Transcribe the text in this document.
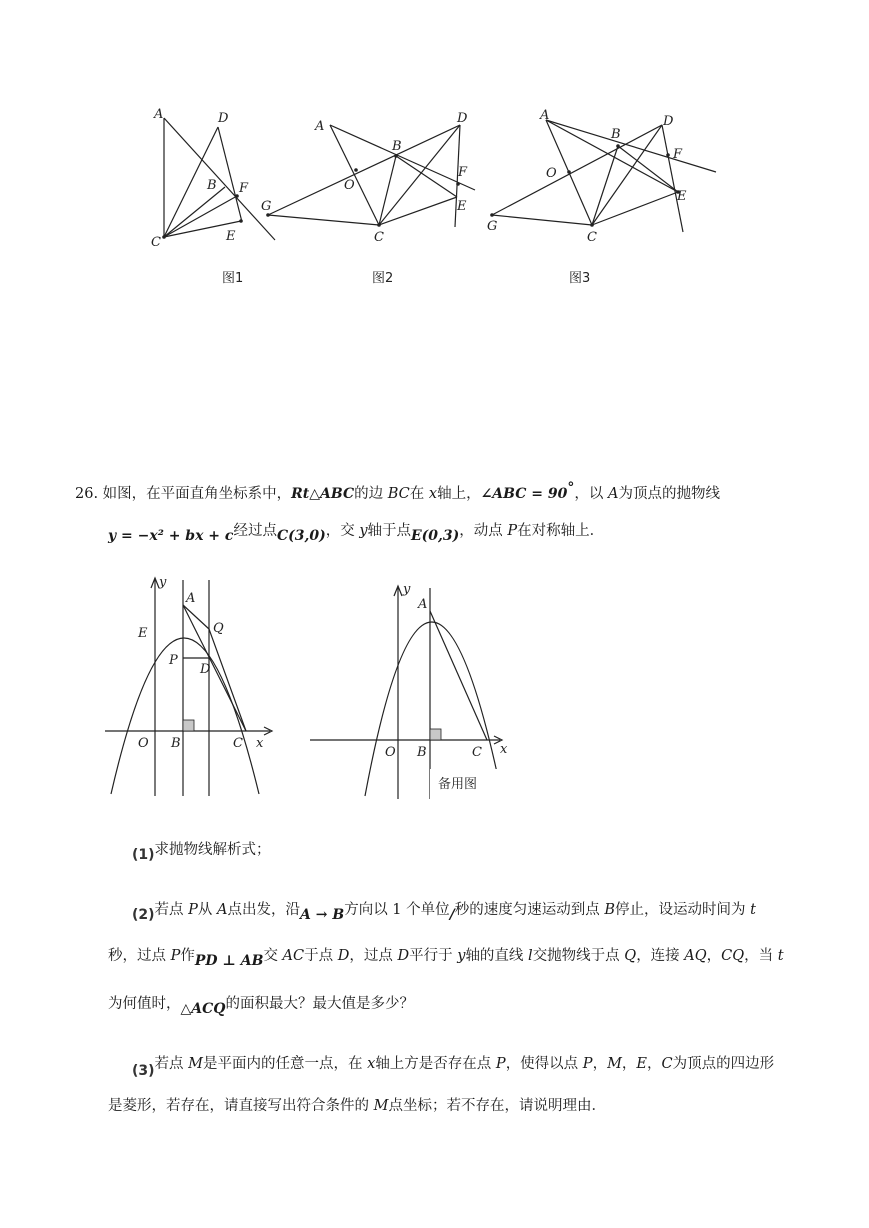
A	D
B F
C	E
图1
A
D
B
O
F
G	E
C
图2
A
B
D
F
O
E
G
C
图3
26. 如图，在平面直角坐标系中，Rt△ABC的边 BC在 x轴上，∠ABC = 90°，以 A为顶点的抛物线
y = −x² + bx + c经过点C(3,0)，交 y轴于点E(0,3)，动点 P在对称轴上．
y
A
E	Q
P
D
O B	C x
y
A
O B	C x
备用图
(1)求抛物线解析式；
(2)若点 P从 A点出发，沿A → B方向以 1 个单位/秒的速度匀速运动到点 B停止，设运动时间为 t
秒，过点 P作PD ⊥ AB交 AC于点 D，过点 D平行于 y轴的直线 l交抛物线于点 Q，连接 AQ，CQ，当 t
为何值时，△ACQ的面积最大？最大值是多少？
(3)若点 M是平面内的任意一点，在 x轴上方是否存在点 P，使得以点 P，M，E，C为顶点的四边形
是菱形，若存在，请直接写出符合条件的 M点坐标；若不存在，请说明理由．
